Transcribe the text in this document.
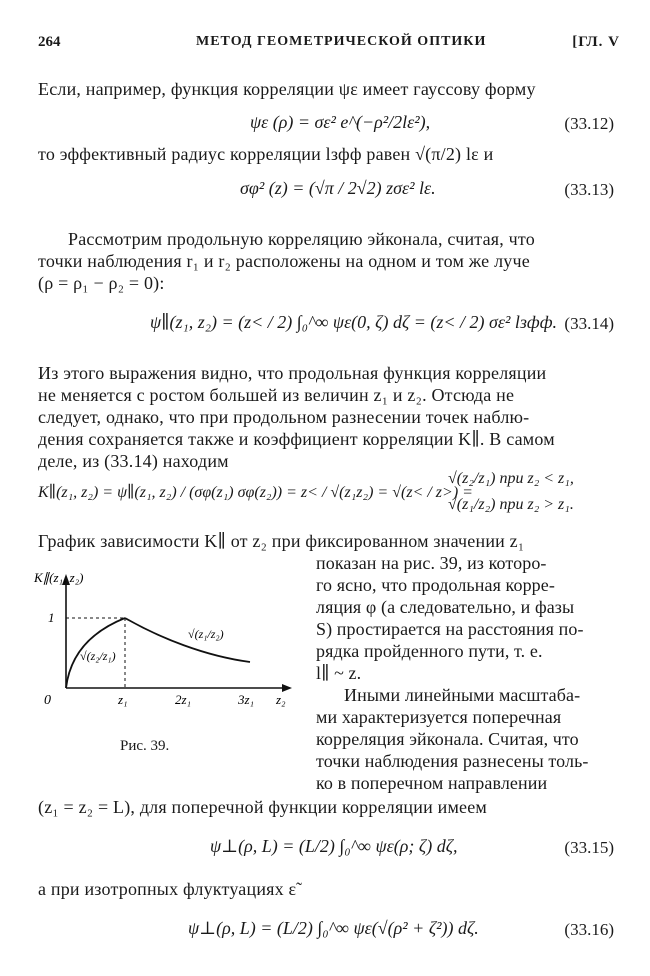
264	МЕТОД ГЕОМЕТРИЧЕСКОЙ ОПТИКИ	[ГЛ. V
Если, например, функция корреляции ψε имеет гауссову форму
ψε (ρ) = σε² e^(−ρ²/2lε²),	(33.12)
то эффективный радиус корреляции lзфф равен √(π/2) lε и
σφ² (z) = (√π / 2√2) zσε² lε.	(33.13)
Рассмотрим продольную корреляцию эйконала, считая, что
точки наблюдения r₁ и r₂ расположены на одном и том же луче
(ρ = ρ₁ − ρ₂ = 0):
ψ∥(z₁, z₂) = (z< / 2) ∫₀^∞ ψε(0, ζ) dζ = (z< / 2) σε² lзфф. (33.14)
Из этого выражения видно, что продольная функция корреляции
не меняется с ростом большей из величин z₁ и z₂. Отсюда не
следует, однако, что при продольном разнесении точек наблю-
дения сохраняется также и коэффициент корреляции K∥. В самом
деле, из (33.14) находим
K∥(z₁, z₂) = ψ∥(z₁, z₂) / (σφ(z₁) σφ(z₂)) = z< / √(z₁z₂) = √(z< / z>) =
√(z₂/z₁) при z₂ < z₁,
√(z₁/z₂) при z₂ > z₁.
График зависимости K∥ от z₂ при фиксированном значении z₁
K∥(z₁, z₂)
1
0	z₁	2z₁	3z₁ z₂
√(z₂/z₁)
√(z₁/z₂)
Рис. 39.
показан на рис. 39, из которо-
го ясно, что продольная корре-
ляция φ (а следовательно, и фазы
S) простирается на расстояния по-
рядка пройденного пути, т. е.
l∥ ~ z.
Иными линейными масштаба-
ми характеризуется поперечная
корреляция эйконала. Считая, что
точки наблюдения разнесены толь-
ко в поперечном направлении
(z₁ = z₂ = L), для поперечной функции корреляции имеем
ψ⊥(ρ, L) = (L/2) ∫₀^∞ ψε(ρ; ζ) dζ,	(33.15)
а при изотропных флуктуациях ε̃
ψ⊥(ρ, L) = (L/2) ∫₀^∞ ψε(√(ρ² + ζ²)) dζ.	(33.16)
